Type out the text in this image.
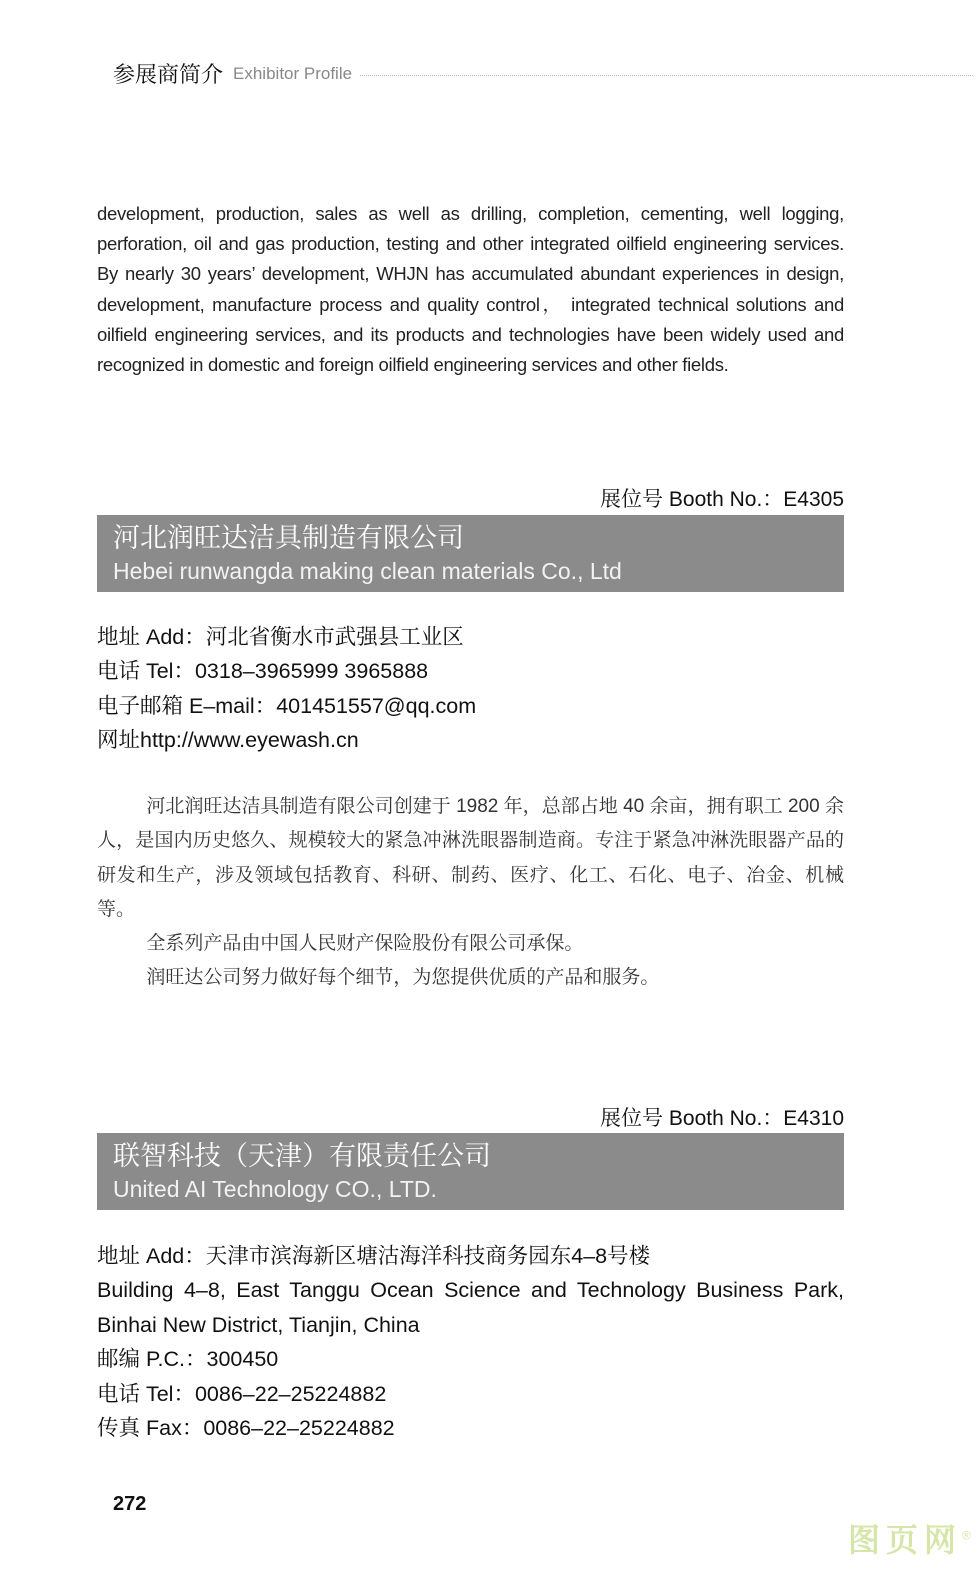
参展商简介 Exhibitor Profile
development, production, sales as well as drilling, completion, cementing, well logging, perforation, oil and gas production, testing and other integrated oilfield engineering services. By nearly 30 years’ development, WHJN has accumulated abundant experiences in design, development, manufacture process and quality control， integrated technical solutions and oilfield engineering services, and its products and technologies have been widely used and recognized in domestic and foreign oilfield engineering services and other fields.
展位号 Booth No.：E4305
河北润旺达洁具制造有限公司
Hebei runwangda making clean materials Co., Ltd
地址 Add：河北省衡水市武强县工业区
电话 Tel：0318–3965999 3965888
电子邮箱 E–mail：401451557@qq.com
网址http://www.eyewash.cn

河北润旺达洁具制造有限公司创建于 1982 年，总部占地 40 余亩，拥有职工 200 余人，是国内历史悠久、规模较大的紧急冲淋洗眼器制造商。专注于紧急冲淋洗眼器产品的研发和生产，涉及领域包括教育、科研、制药、医疗、化工、石化、电子、冶金、机械等。

全系列产品由中国人民财产保险股份有限公司承保。

润旺达公司努力做好每个细节，为您提供优质的产品和服务。

展位号 Booth No.：E4310
联智科技（天津）有限责任公司
United AI Technology CO., LTD.
地址 Add：天津市滨海新区塘沽海洋科技商务园东4–8号楼
Building 4–8, East Tanggu Ocean Science and Technology Business Park, Binhai New District, Tianjin, China
邮编 P.C.：300450
电话 Tel：0086–22–25224882
传真 Fax：0086–22–25224882
272
图页网®
